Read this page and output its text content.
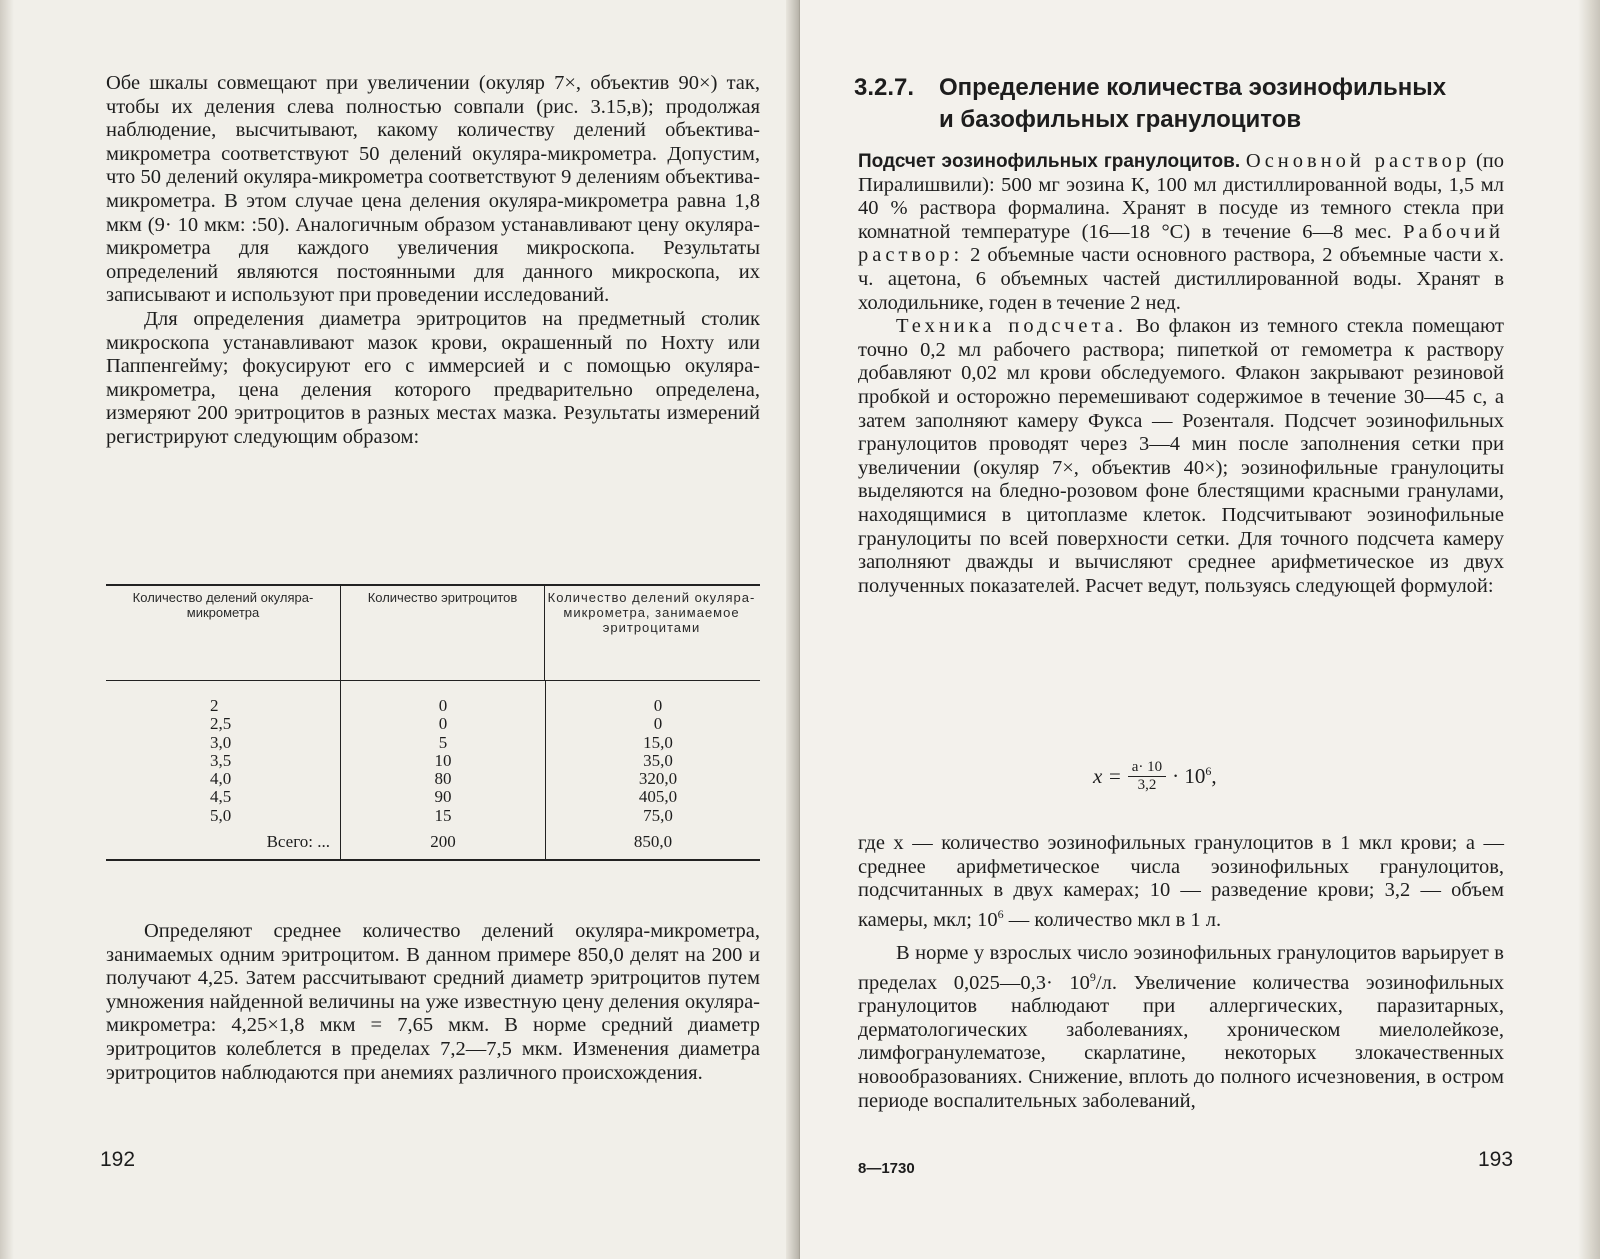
Обе шкалы совмещают при увеличении (окуляр 7×, объектив 90×) так, чтобы их деления слева полностью совпали (рис. 3.15,в); продолжая наблюдение, высчитывают, какому количеству делений объектива-микрометра соответствуют 50 делений окуляра-микрометра. Допустим, что 50 делений окуляра-микрометра соответствуют 9 делениям объектива-микрометра. В этом случае цена деления окуляра-микрометра равна 1,8 мкм (9· 10 мкм: :50). Аналогичным образом устанавливают цену окуляра-микрометра для каждого увеличения микроскопа. Результаты определений являются постоянными для данного микроскопа, их записывают и используют при проведении исследований.

Для определения диаметра эритроцитов на предметный столик микроскопа устанавливают мазок крови, окрашенный по Нохту или Паппенгейму; фокусируют его с иммерсией и с помощью окуляра-микрометра, цена деления которого предварительно определена, измеряют 200 эритроцитов в разных местах мазка. Результаты измерений регистрируют следующим образом:

Количество делений окуляра-микрометра
Количество эритроцитов	Количество делений окуляра-микрометра, занимаемое эритроцитами
2
2,5
3,0
3,5
4,0
4,5
5,0
Всего: ...
0
0
5
10
80
90
15
200
0
0
15,0
35,0
320,0
405,0
75,0
850,0

Определяют среднее количество делений окуляра-микрометра, занимаемых одним эритроцитом. В данном примере 850,0 делят на 200 и получают 4,25. Затем рассчитывают средний диаметр эритроцитов путем умножения найденной величины на уже известную цену деления окуляра-микрометра: 4,25×1,8 мкм = 7,65 мкм. В норме средний диаметр эритроцитов колеблется в пределах 7,2—7,5 мкм. Изменения диаметра эритроцитов наблюдаются при анемиях различного происхождения.

192
3.2.7. Определение количества эозинофильных
и базофильных гранулоцитов

Подсчет эозинофильных гранулоцитов. Основной раствор (по Пиралишвили): 500 мг эозина К, 100 мл дистиллированной воды, 1,5 мл 40 % раствора формалина. Хранят в посуде из темного стекла при комнатной температуре (16—18 °С) в течение 6—8 мес. Рабочий раствор: 2 объемные части основного раствора, 2 объемные части х. ч. ацетона, 6 объемных частей дистиллированной воды. Хранят в холодильнике, годен в течение 2 нед.

Техника подсчета. Во флакон из темного стекла помещают точно 0,2 мл рабочего раствора; пипеткой от гемометра к раствору добавляют 0,02 мл крови обследуемого. Флакон закрывают резиновой пробкой и осторожно перемешивают содержимое в течение 30—45 с, а затем заполняют камеру Фукса — Розенталя. Подсчет эозинофильных гранулоцитов проводят через 3—4 мин после заполнения сетки при увеличении (окуляр 7×, объектив 40×); эозинофильные гранулоциты выделяются на бледно-розовом фоне блестящими красными гранулами, находящимися в цитоплазме клеток. Подсчитывают эозинофильные гранулоциты по всей поверхности сетки. Для точного подсчета камеру заполняют дважды и вычисляют среднее арифметическое из двух полученных показателей. Расчет ведут, пользуясь следующей формулой:

$x = \frac{a\cdot 10}{3,2} \cdot 10^6$,

где x — количество эозинофильных гранулоцитов в 1 мкл крови; a — среднее арифметическое числа эозинофильных гранулоцитов, подсчитанных в двух камерах; 10 — разведение крови; 3,2 — объем камеры, мкл; $10^6$ — количество мкл в 1 л.

В норме у взрослых число эозинофильных гранулоцитов варьирует в пределах 0,025—0,3· $10^9/л$. Увеличение количества эозинофильных гранулоцитов наблюдают при аллергических, паразитарных, дерматологических заболеваниях, хроническом миелолейкозе, лимфогранулематозе, скарлатине, некоторых злокачественных новообразованиях. Снижение, вплоть до полного исчезновения, в остром периоде воспалительных заболеваний,

8—1730	193
